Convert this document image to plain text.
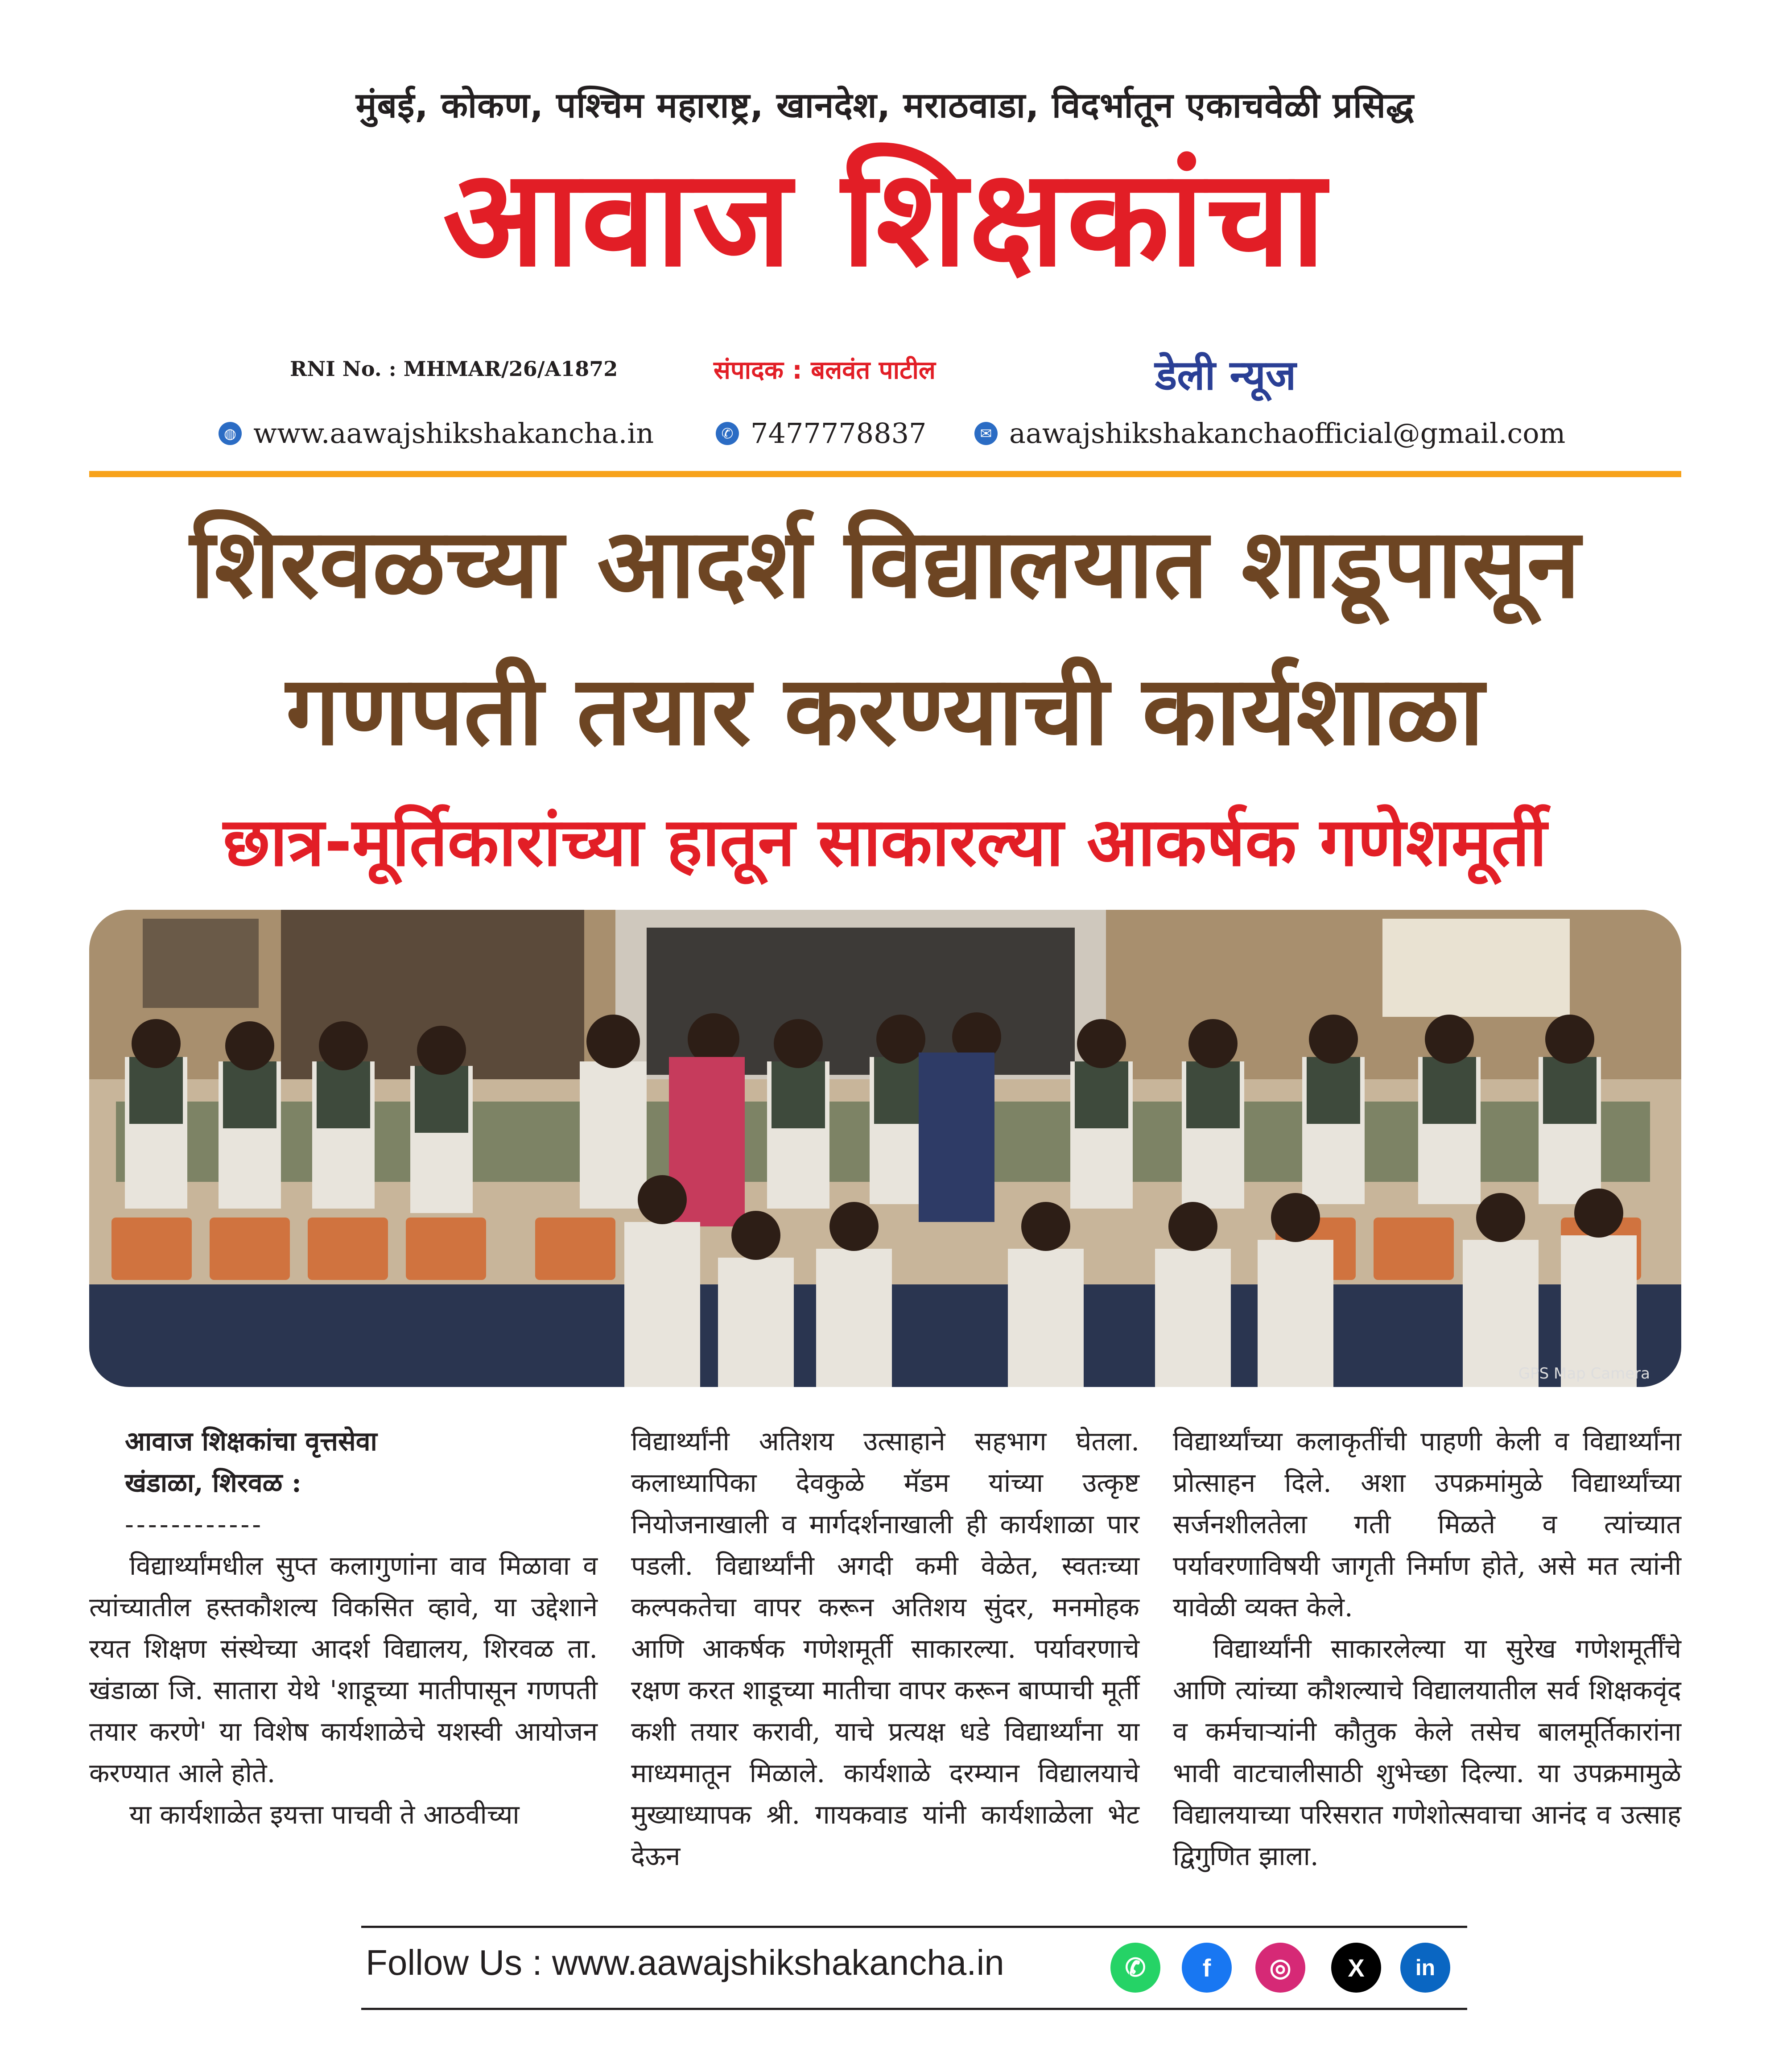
मुंबई, कोकण, पश्चिम महाराष्ट्र, खानदेश, मराठवाडा, विदर्भातून एकाचवेळी प्रसिद्ध
आवाज शिक्षकांचा
RNI No. : MHMAR/26/A1872	संपादक : बलवंत पाटील	डेली न्यूज
◍ www.aawajshikshakancha.in	✆ 7477778837	✉ aawajshikshakanchaofficial@gmail.com
शिरवळच्या आदर्श विद्यालयात शाडूपासून
गणपती तयार करण्याची कार्यशाळा
छात्र-मूर्तिकारांच्या हातून साकारल्या आकर्षक गणेशमूर्ती
GPS Map Camera
आवाज शिक्षकांचा वृत्तसेवा
खंडाळा, शिरवळ :
------------

विद्यार्थ्यांमधील सुप्त कलागुणांना वाव मिळावा व त्यांच्यातील हस्तकौशल्य विकसित व्हावे, या उद्देशाने रयत शिक्षण संस्थेच्या आदर्श विद्यालय, शिरवळ ता. खंडाळा जि. सातारा येथे 'शाडूच्या मातीपासून गणपती तयार करणे' या विशेष कार्यशाळेचे यशस्वी आयोजन करण्यात आले होते.

या कार्यशाळेत इयत्ता पाचवी ते आठवीच्या

विद्यार्थ्यांनी अतिशय उत्साहाने सहभाग घेतला. कलाध्यापिका देवकुळे मॅडम यांच्या उत्कृष्ट नियोजनाखाली व मार्गदर्शनाखाली ही कार्यशाळा पार पडली. विद्यार्थ्यांनी अगदी कमी वेळेत, स्वतःच्या कल्पकतेचा वापर करून अतिशय सुंदर, मनमोहक आणि आकर्षक गणेशमूर्ती साकारल्या. पर्यावरणाचे रक्षण करत शाडूच्या मातीचा वापर करून बाप्पाची मूर्ती कशी तयार करावी, याचे प्रत्यक्ष धडे विद्यार्थ्यांना या माध्यमातून मिळाले. कार्यशाळे दरम्यान विद्यालयाचे मुख्याध्यापक श्री. गायकवाड यांनी कार्यशाळेला भेट देऊन

विद्यार्थ्यांच्या कलाकृतींची पाहणी केली व विद्यार्थ्यांना प्रोत्साहन दिले. अशा उपक्रमांमुळे विद्यार्थ्यांच्या सर्जनशीलतेला गती मिळते व त्यांच्यात पर्यावरणाविषयी जागृती निर्माण होते, असे मत त्यांनी यावेळी व्यक्त केले.

विद्यार्थ्यांनी साकारलेल्या या सुरेख गणेशमूर्तींचे आणि त्यांच्या कौशल्याचे विद्यालयातील सर्व शिक्षकवृंद व कर्मचाऱ्यांनी कौतुक केले तसेच बालमूर्तिकारांना भावी वाटचालीसाठी शुभेच्छा दिल्या. या उपक्रमामुळे विद्यालयाच्या परिसरात गणेशोत्सवाचा आनंद व उत्साह द्विगुणित झाला.

Follow Us : www.aawajshikshakancha.in	✆	f	◎	X	in
